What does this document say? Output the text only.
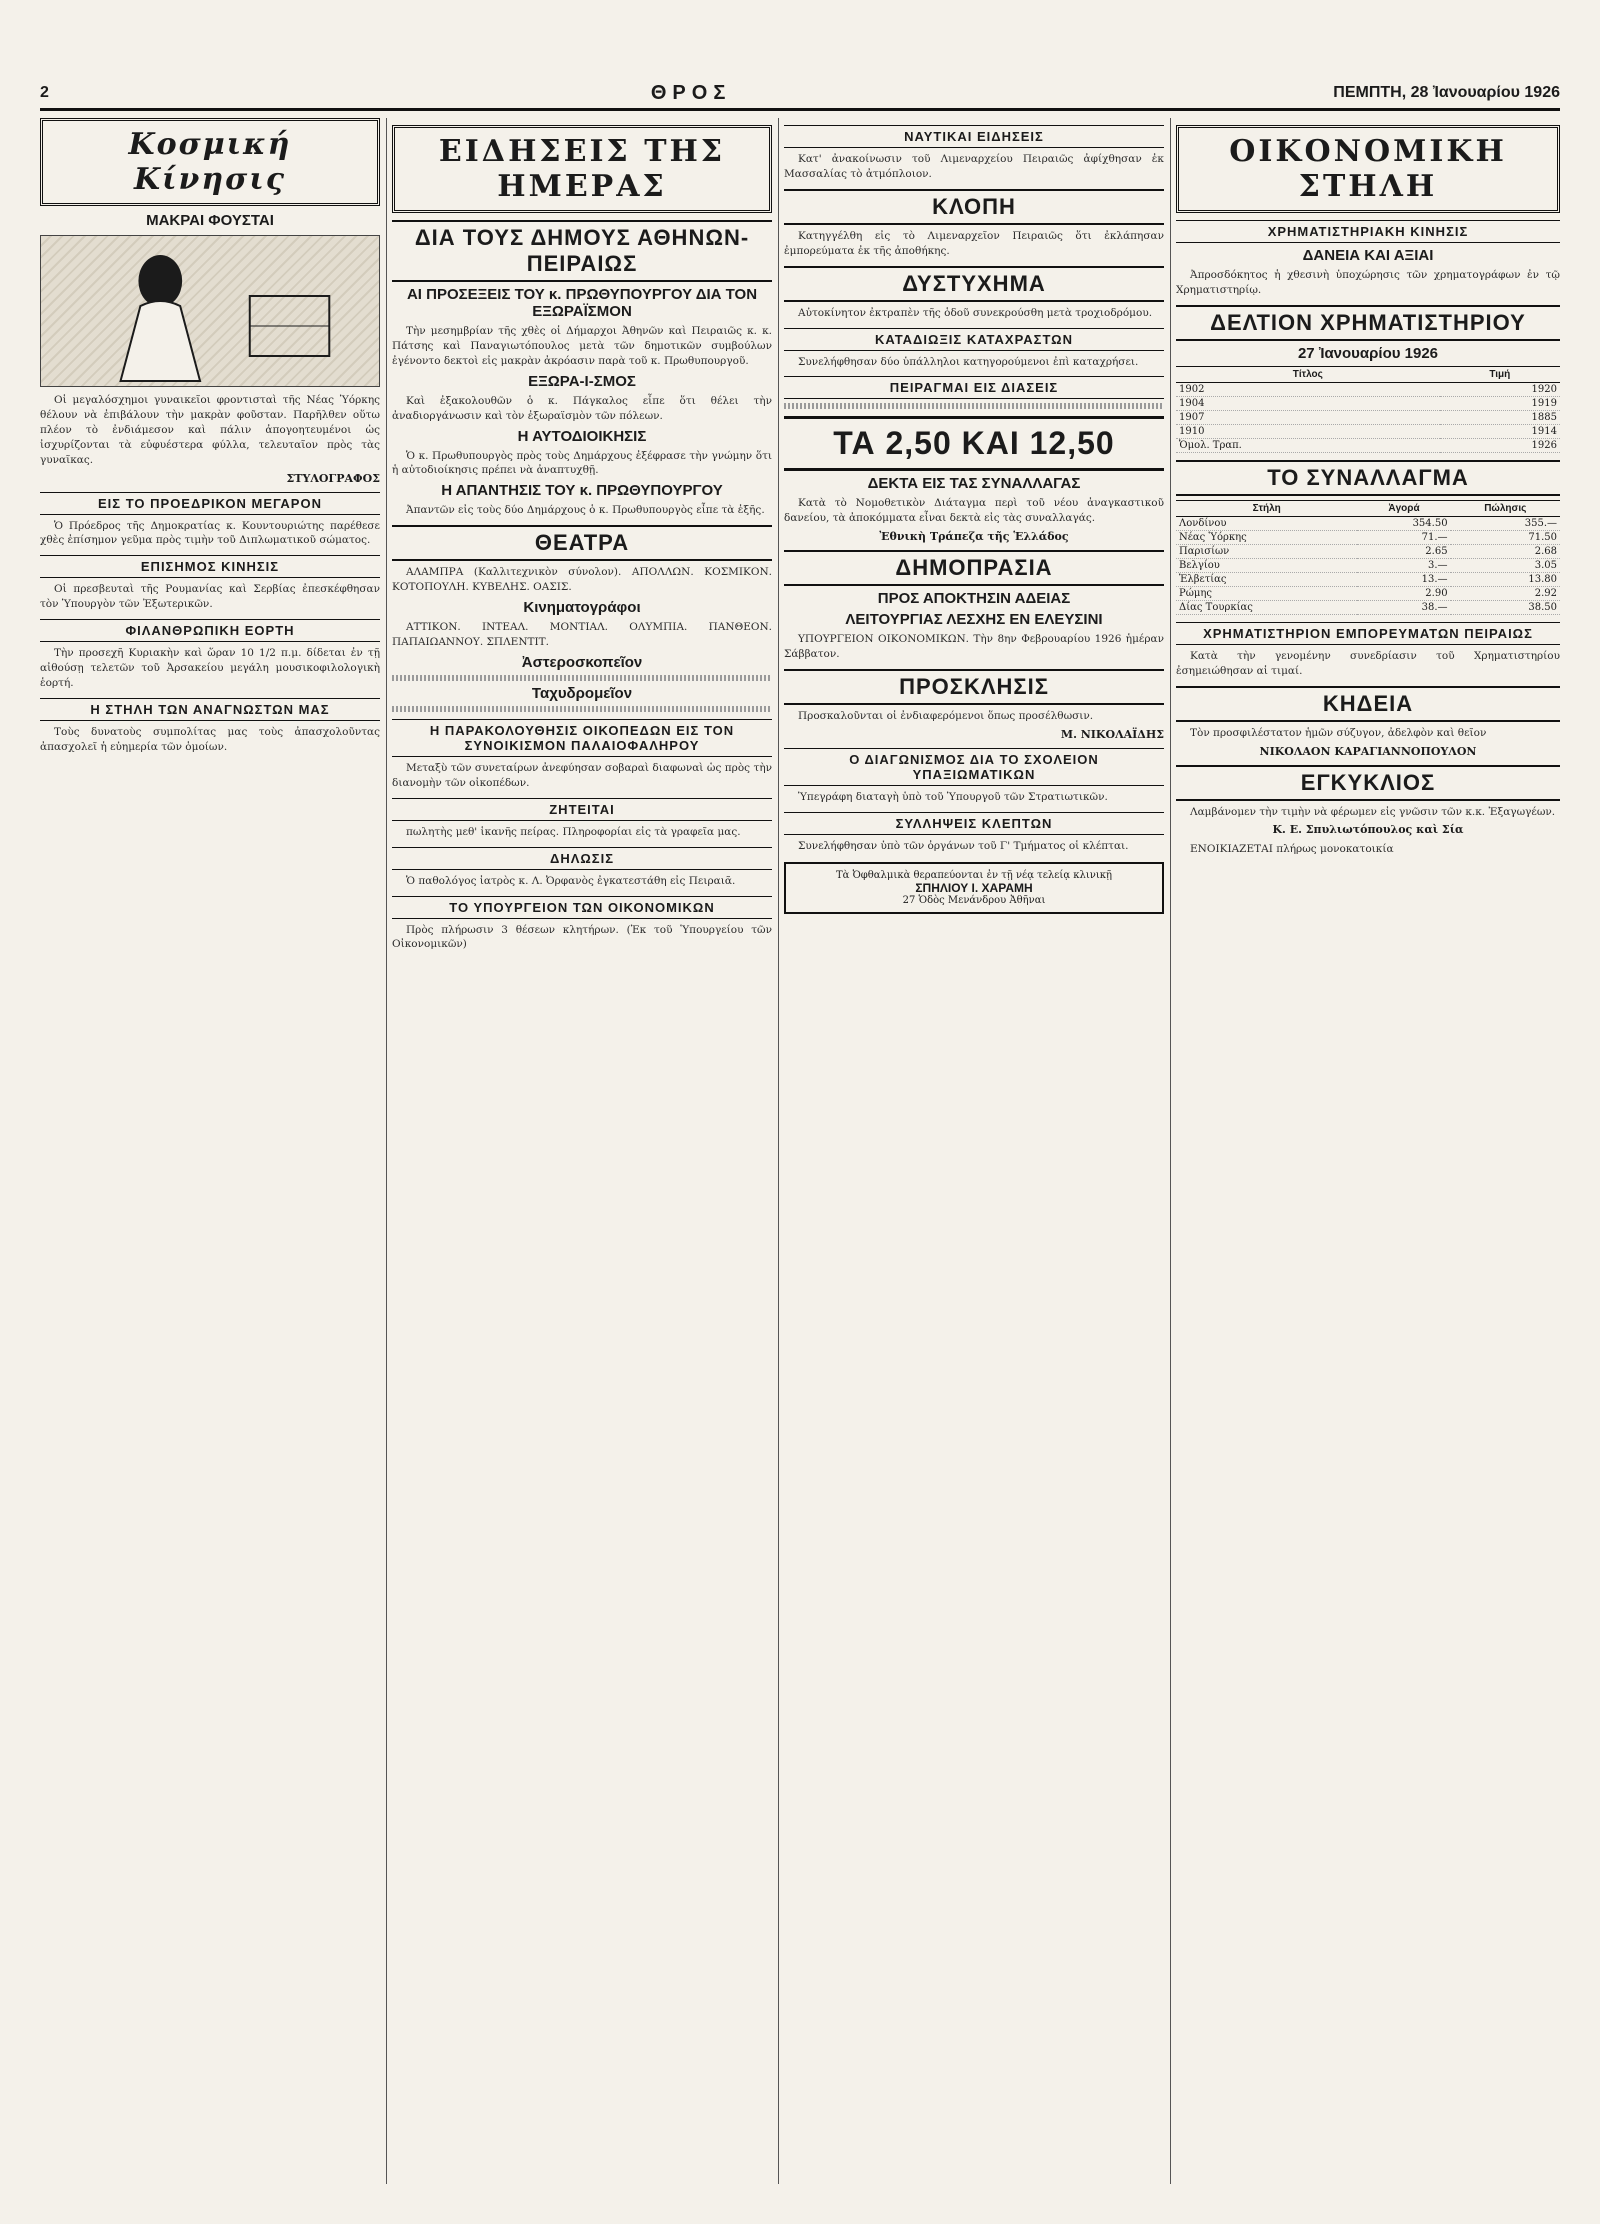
2	ΘΡΟΣ	ΠΕΜΠΤΗ, 28 Ἰανουαρίου 1926
Κοσμική Κίνησις
ΜΑΚΡΑΙ ΦΟΥΣΤΑΙ

Οἱ μεγαλόσχημοι γυναικεῖοι φροντισταὶ τῆς Νέας Ὑόρκης θέλουν νὰ ἐπιβάλουν τὴν μακρὰν φοῦσταν. Παρῆλθεν οὕτω πλέον τὸ ἐνδιάμεσον καὶ πάλιν ἀπογοητευμένοι ὡς ἰσχυρίζονται τὰ εὐφυέστερα φύλλα, τελευταῖον πρὸς τὰς γυναῖκας.

ΣΤΥΛΟΓΡΑΦΟΣ
ΕΙΣ ΤΟ ΠΡΟΕΔΡΙΚΟΝ ΜΕΓΑΡΟΝ

Ὁ Πρόεδρος τῆς Δημοκρατίας κ. Κουντουριώτης παρέθεσε χθὲς ἐπίσημον γεῦμα πρὸς τιμὴν τοῦ Διπλωματικοῦ σώματος.

ΕΠΙΣΗΜΟΣ ΚΙΝΗΣΙΣ

Οἱ πρεσβευταὶ τῆς Ρουμανίας καὶ Σερβίας ἐπεσκέφθησαν τὸν Ὑπουργὸν τῶν Ἐξωτερικῶν.

ΦΙΛΑΝΘΡΩΠΙΚΗ ΕΟΡΤΗ

Τὴν προσεχῆ Κυριακὴν καὶ ὥραν 10 1/2 π.μ. δίδεται ἐν τῇ αἰθούσῃ τελετῶν τοῦ Ἀρσακείου μεγάλη μουσικοφιλολογικὴ ἑορτή.

Η ΣΤΗΛΗ ΤΩΝ ΑΝΑΓΝΩΣΤΩΝ ΜΑΣ

Τοὺς δυνατοὺς συμπολίτας μας τοὺς ἀπασχολοῦντας ἀπασχολεῖ ἡ εὐημερία τῶν ὁμοίων.

ΕΙΔΗΣΕΙΣ ΤΗΣ ΗΜΕΡΑΣ
ΔΙΑ ΤΟΥΣ ΔΗΜΟΥΣ ΑΘΗΝΩΝ-ΠΕΙΡΑΙΩΣ
ΑΙ ΠΡΟΣΕΞΕΙΣ ΤΟΥ κ. ΠΡΩΘΥΠΟΥΡΓΟΥ ΔΙΑ ΤΟΝ ΕΞΩΡΑΪΣΜΟΝ

Τὴν μεσημβρίαν τῆς χθὲς οἱ Δήμαρχοι Ἀθηνῶν καὶ Πειραιῶς κ. κ. Πάτσης καὶ Παναγιωτόπουλος μετὰ τῶν δημοτικῶν συμβούλων ἐγένοντο δεκτοὶ εἰς μακρὰν ἀκρόασιν παρὰ τοῦ κ. Πρωθυπουργοῦ.

ΕΞΩΡΑ-Ι-ΣΜΟΣ

Καὶ ἐξακολουθῶν ὁ κ. Πάγκαλος εἶπε ὅτι θέλει τὴν ἀναδιοργάνωσιν καὶ τὸν ἐξωραϊσμὸν τῶν πόλεων.

Η ΑΥΤΟΔΙΟΙΚΗΣΙΣ

Ὁ κ. Πρωθυπουργὸς πρὸς τοὺς Δημάρχους ἐξέφρασε τὴν γνώμην ὅτι ἡ αὐτοδιοίκησις πρέπει νὰ ἀναπτυχθῇ.

Η ΑΠΑΝΤΗΣΙΣ ΤΟΥ κ. ΠΡΩΘΥΠΟΥΡΓΟΥ

Ἀπαντῶν εἰς τοὺς δύο Δημάρχους ὁ κ. Πρωθυπουργὸς εἶπε τὰ ἑξῆς.

ΘΕΑΤΡΑ

ΑΛΑΜΠΡΑ (Καλλιτεχνικὸν σύνολον). ΑΠΟΛΛΩΝ. ΚΟΣΜΙΚΟΝ. ΚΟΤΟΠΟΥΛΗ. ΚΥΒΕΛΗΣ. ΟΑΣΙΣ.

Κινηματογράφοι

ΑΤΤΙΚΟΝ. ΙΝΤΕΑΛ. ΜΟΝΤΙΑΛ. ΟΛΥΜΠΙΑ. ΠΑΝΘΕΟΝ. ΠΑΠΑΙΩΑΝΝΟΥ. ΣΠΛΕΝΤΙΤ.

Ἀστεροσκοπεῖον
Ταχυδρομεῖον
Η ΠΑΡΑΚΟΛΟΥΘΗΣΙΣ ΟΙΚΟΠΕΔΩΝ ΕΙΣ ΤΟΝ ΣΥΝΟΙΚΙΣΜΟΝ ΠΑΛΑΙΟΦΑΛΗΡΟΥ

Μεταξὺ τῶν συνεταίρων ἀνεφύησαν σοβαραὶ διαφωναὶ ὡς πρὸς τὴν διανομὴν τῶν οἰκοπέδων.

ΖΗΤΕΙΤΑΙ

πωλητὴς μεθ' ἱκανῆς πείρας. Πληροφορίαι εἰς τὰ γραφεῖα μας.

ΔΗΛΩΣΙΣ

Ὁ παθολόγος ἰατρὸς κ. Λ. Ὀρφανὸς ἐγκατεστάθη εἰς Πειραιᾶ.

ΤΟ ΥΠΟΥΡΓΕΙΟΝ ΤΩΝ ΟΙΚΟΝΟΜΙΚΩΝ

Πρὸς πλήρωσιν 3 θέσεων κλητήρων. (Ἐκ τοῦ Ὑπουργείου τῶν Οἰκονομικῶν)

ΝΑΥΤΙΚΑΙ ΕΙΔΗΣΕΙΣ

Κατ' ἀνακοίνωσιν τοῦ Λιμεναρχείου Πειραιῶς ἀφίχθησαν ἐκ Μασσαλίας τὸ ἀτμόπλοιον.

ΚΛΟΠΗ

Κατηγγέλθη εἰς τὸ Λιμεναρχεῖον Πειραιῶς ὅτι ἐκλάπησαν ἐμπορεύματα ἐκ τῆς ἀποθήκης.

ΔΥΣΤΥΧΗΜΑ

Αὐτοκίνητον ἐκτραπὲν τῆς ὁδοῦ συνεκρούσθη μετὰ τροχιοδρόμου.

ΚΑΤΑΔΙΩΞΙΣ ΚΑΤΑΧΡΑΣΤΩΝ

Συνελήφθησαν δύο ὑπάλληλοι κατηγορούμενοι ἐπὶ καταχρήσει.

ΠΕΙΡΑΓΜΑΙ ΕΙΣ ΔΙΑΣΕΙΣ
ΤΑ 2,50 ΚΑΙ 12,50
ΔΕΚΤΑ ΕΙΣ ΤΑΣ ΣΥΝΑΛΛΑΓΑΣ

Κατὰ τὸ Νομοθετικὸν Διάταγμα περὶ τοῦ νέου ἀναγκαστικοῦ δανείου, τὰ ἀποκόμματα εἶναι δεκτὰ εἰς τὰς συναλλαγάς.

Ἐθνικὴ Τράπεζα τῆς Ἑλλάδος
ΔΗΜΟΠΡΑΣΙΑ
ΠΡΟΣ ΑΠΟΚΤΗΣΙΝ ΑΔΕΙΑΣ
ΛΕΙΤΟΥΡΓΙΑΣ ΛΕΣΧΗΣ ΕΝ ΕΛΕΥΣΙΝΙ

ΥΠΟΥΡΓΕΙΟΝ ΟΙΚΟΝΟΜΙΚΩΝ. Τὴν 8ην Φεβρουαρίου 1926 ἡμέραν Σάββατον.

ΠΡΟΣΚΛΗΣΙΣ

Προσκαλοῦνται οἱ ἐνδιαφερόμενοι ὅπως προσέλθωσιν.

Μ. ΝΙΚΟΛΑΪΔΗΣ
Ο ΔΙΑΓΩΝΙΣΜΟΣ ΔΙΑ ΤΟ ΣΧΟΛΕΙΟΝ ΥΠΑΞΙΩΜΑΤΙΚΩΝ

Ὑπεγράφη διαταγὴ ὑπὸ τοῦ Ὑπουργοῦ τῶν Στρατιωτικῶν.

ΣΥΛΛΗΨΕΙΣ ΚΛΕΠΤΩΝ

Συνελήφθησαν ὑπὸ τῶν ὀργάνων τοῦ Γ' Τμήματος οἱ κλέπται.

Τὰ Ὀφθαλμικὰ θεραπεύονται ἐν τῇ νέᾳ τελείᾳ κλινικῇ
ΣΠΗΛΙΟΥ Ι. ΧΑΡΑΜΗ
27 Ὁδὸς Μενάνδρου Ἀθῆναι
ΟΙΚΟΝΟΜΙΚΗ ΣΤΗΛΗ
ΧΡΗΜΑΤΙΣΤΗΡΙΑΚΗ ΚΙΝΗΣΙΣ
ΔΑΝΕΙΑ ΚΑΙ ΑΞΙΑΙ

Ἀπροσδόκητος ἡ χθεσινὴ ὑποχώρησις τῶν χρηματογράφων ἐν τῷ Χρηματιστηρίῳ.

ΔΕΛΤΙΟΝ ΧΡΗΜΑΤΙΣΤΗΡΙΟΥ
27 Ἰανουαρίου 1926
Τίτλος	Τιμή
1902	1920
1904	1919
1907	1885
1910	1914
Ὁμολ. Τραπ.	1926
ΤΟ ΣΥΝΑΛΛΑΓΜΑ
Στήλη	Ἀγορά	Πώλησις
Λονδίνου	354.50	355.—
Νέας Ὑόρκης	71.—	71.50
Παρισίων	2.65	2.68
Βελγίου	3.—	3.05
Ἑλβετίας	13.—	13.80
Ρώμης	2.90	2.92
Δίας Τουρκίας	38.—	38.50
ΧΡΗΜΑΤΙΣΤΗΡΙΟΝ ΕΜΠΟΡΕΥΜΑΤΩΝ ΠΕΙΡΑΙΩΣ

Κατὰ τὴν γενομένην συνεδρίασιν τοῦ Χρηματιστηρίου ἐσημειώθησαν αἱ τιμαί.

ΚΗΔΕΙΑ

Τὸν προσφιλέστατον ἡμῶν σύζυγον, ἀδελφὸν καὶ θεῖον

ΝΙΚΟΛΑΟΝ ΚΑΡΑΓΙΑΝΝΟΠΟΥΛΟΝ
ΕΓΚΥΚΛΙΟΣ

Λαμβάνομεν τὴν τιμὴν νὰ φέρωμεν εἰς γνῶσιν τῶν κ.κ. Ἐξαγωγέων.

Κ. Ε. Σπυλιωτόπουλος καὶ Σία

ΕΝΟΙΚΙΑΖΕΤΑΙ πλήρως μονοκατοικία
